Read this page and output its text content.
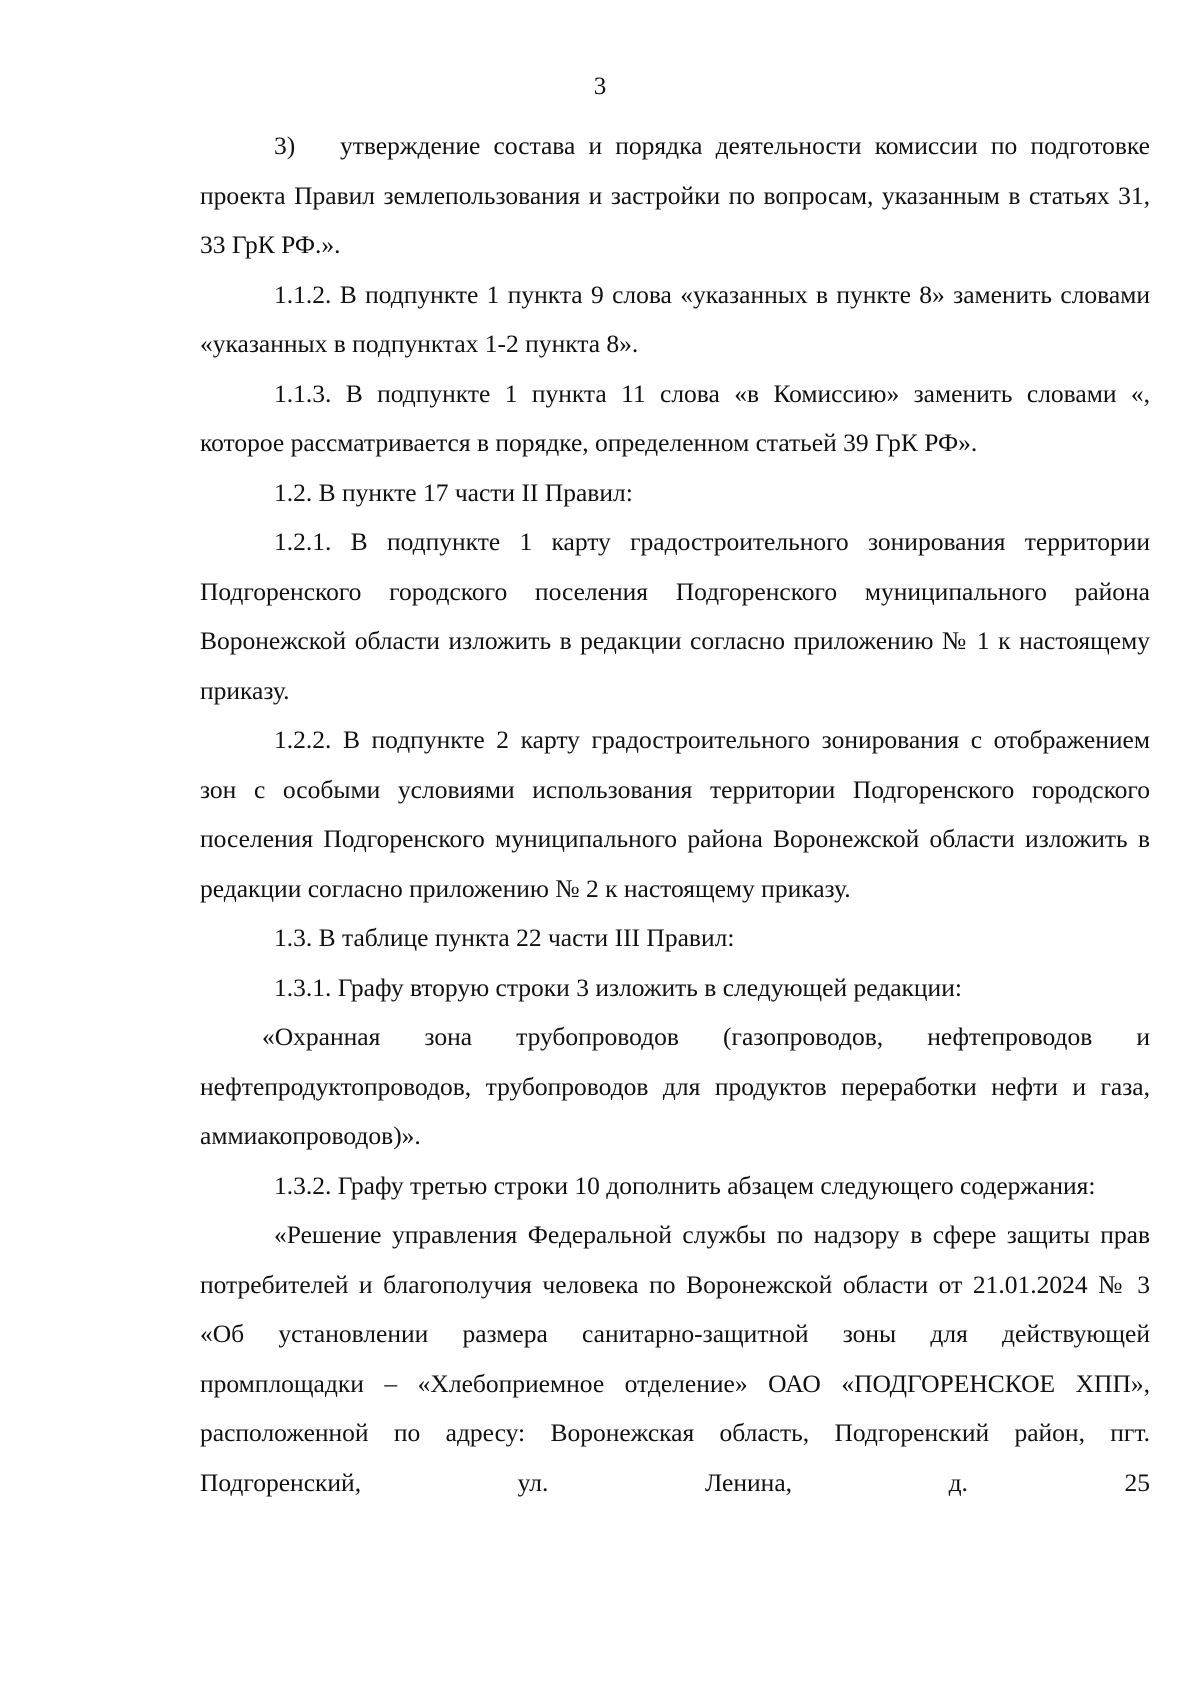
3

3) утверждение состава и порядка деятельности комиссии по подготовке проекта Правил землепользования и застройки по вопросам, указанным в статьях 31, 33 ГрК РФ.».

1.1.2. В подпункте 1 пункта 9 слова «указанных в пункте 8» заменить словами «указанных в подпунктах 1-2 пункта 8».

1.1.3. В подпункте 1 пункта 11 слова «в Комиссию» заменить словами «, которое рассматривается в порядке, определенном статьей 39 ГрК РФ».

1.2. В пункте 17 части II Правил:

1.2.1. В подпункте 1 карту градостроительного зонирования территории Подгоренского городского поселения Подгоренского муниципального района Воронежской области изложить в редакции согласно приложению № 1 к настоящему приказу.

1.2.2. В подпункте 2 карту градостроительного зонирования с отображением зон с особыми условиями использования территории Подгоренского городского поселения Подгоренского муниципального района Воронежской области изложить в редакции согласно приложению № 2 к настоящему приказу.

1.3. В таблице пункта 22 части III Правил:

1.3.1. Графу вторую строки 3 изложить в следующей редакции:

«Охранная зона трубопроводов (газопроводов, нефтепроводов и нефтепродуктопроводов, трубопроводов для продуктов переработки нефти и газа, аммиакопроводов)».

1.3.2. Графу третью строки 10 дополнить абзацем следующего содержания:

«Решение управления Федеральной службы по надзору в сфере защиты прав потребителей и благополучия человека по Воронежской области от 21.01.2024 № 3 «Об установлении размера санитарно-защитной зоны для действующей промплощадки – «Хлебоприемное отделение» ОАО «ПОДГОРЕНСКОЕ ХПП», расположенной по адресу: Воронежская область, Подгоренский район, пгт. Подгоренский, ул. Ленина, д. 25
